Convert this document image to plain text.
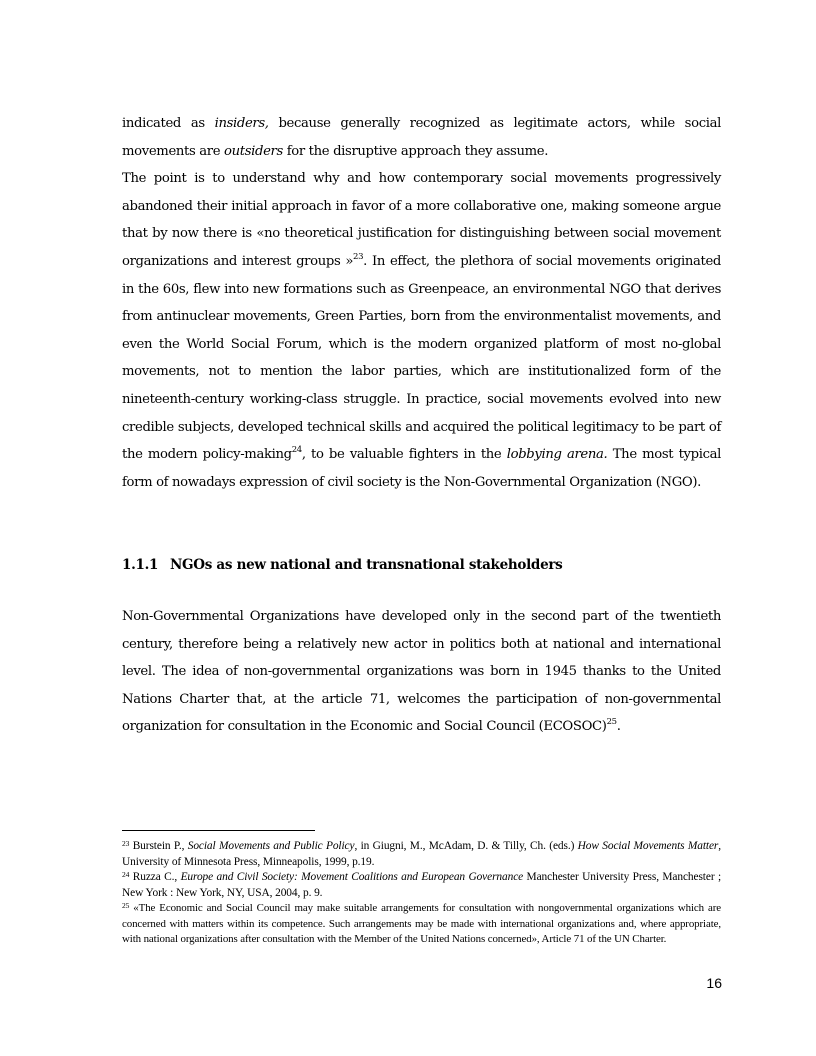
indicated as insiders, because generally recognized as legitimate actors, while social movements are outsiders for the disruptive approach they assume.

The point is to understand why and how contemporary social movements progressively abandoned their initial approach in favor of a more collaborative one, making someone argue that by now there is «no theoretical justification for distinguishing between social movement organizations and interest groups »$^{23}$. In effect, the plethora of social movements originated in the 60s, flew into new formations such as Greenpeace, an environmental NGO that derives from antinuclear movements, Green Parties, born from the environmentalist movements, and even the World Social Forum, which is the modern organized platform of most no-global movements, not to mention the labor parties, which are institutionalized form of the nineteenth-century working-class struggle. In practice, social movements evolved into new credible subjects, developed technical skills and acquired the political legitimacy to be part of the modern policy-making$^{24}$, to be valuable fighters in the lobbying arena. The most typical form of nowadays expression of civil society is the Non-Governmental Organization (NGO).

1.1.1 NGOs as new national and transnational stakeholders

Non-Governmental Organizations have developed only in the second part of the twentieth century, therefore being a relatively new actor in politics both at national and international level. The idea of non-governmental organizations was born in 1945 thanks to the United Nations Charter that, at the article 71, welcomes the participation of non-governmental organization for consultation in the Economic and Social Council (ECOSOC)$^{25}$.

$^{23}$ Burstein P., Social Movements and Public Policy, in Giugni, M., McAdam, D. & Tilly, Ch. (eds.) How Social Movements Matter, University of Minnesota Press, Minneapolis, 1999, p.19.

$^{24}$ Ruzza C., Europe and Civil Society: Movement Coalitions and European Governance Manchester University Press, Manchester ; New York : New York, NY, USA, 2004, p. 9.

$^{25}$ «The Economic and Social Council may make suitable arrangements for consultation with nongovernmental organizations which are concerned with matters within its competence. Such arrangements may be made with international organizations and, where appropriate, with national organizations after consultation with the Member of the United Nations concerned», Article 71 of the UN Charter.

16
